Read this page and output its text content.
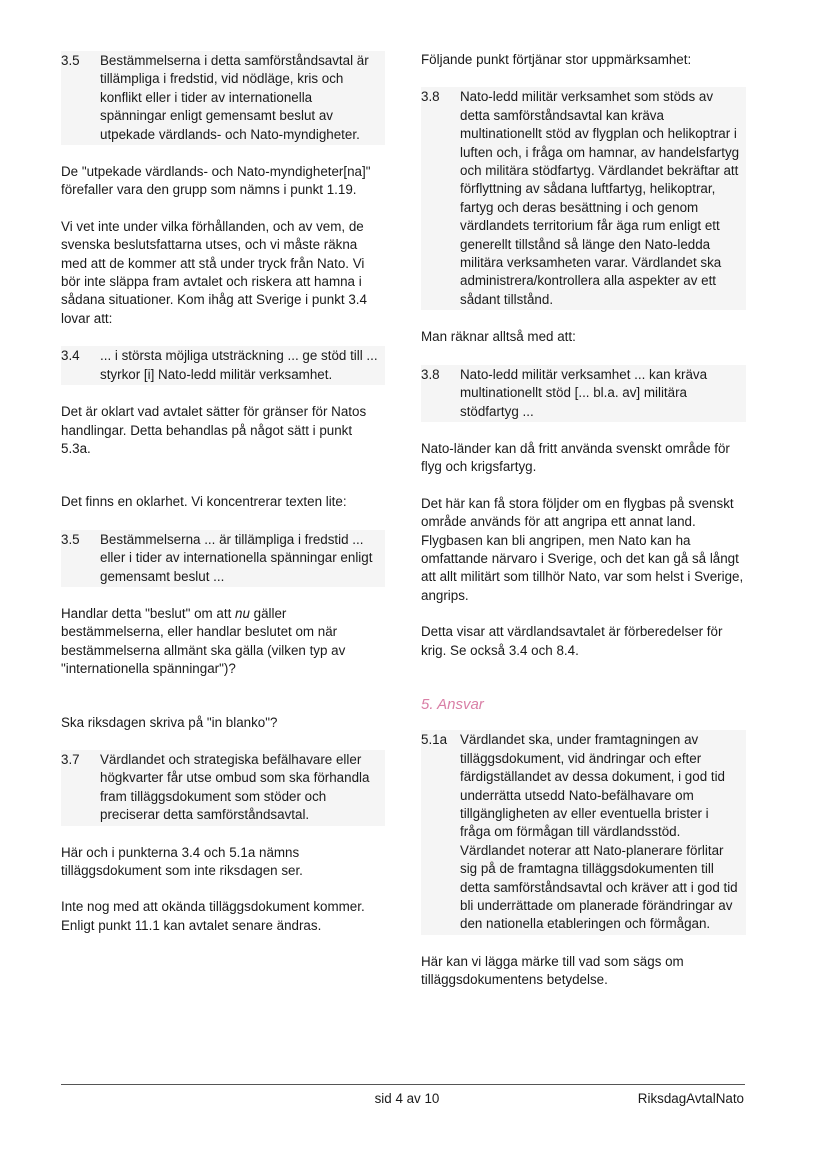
3.5	Bestämmelserna i detta samförståndsavtal är tillämpliga i fredstid, vid nödläge, kris och konflikt eller i tider av internationella spänningar enligt gemensamt beslut av utpekade värdlands- och Nato-myndigheter.

De "utpekade värdlands- och Nato-myndigheter[na]" förefaller vara den grupp som nämns i punkt 1.19.

Vi vet inte under vilka förhållanden, och av vem, de svenska beslutsfattarna utses, och vi måste räkna med att de kommer att stå under tryck från Nato. Vi bör inte släppa fram avtalet och riskera att hamna i sådana situationer. Kom ihåg att Sverige i punkt 3.4 lovar att:

3.4	... i största möjliga utsträckning ... ge stöd till ... styrkor [i] Nato-ledd militär verksamhet.

Det är oklart vad avtalet sätter för gränser för Natos handlingar. Detta behandlas på något sätt i punkt 5.3a.

Det finns en oklarhet. Vi koncentrerar texten lite:

3.5	Bestämmelserna ... är tillämpliga i fredstid ... eller i tider av internationella spänningar enligt gemensamt beslut ...

Handlar detta "beslut" om att nu gäller bestämmelserna, eller handlar beslutet om när bestämmelserna allmänt ska gälla (vilken typ av "internationella spänningar")?

Ska riksdagen skriva på "in blanko"?

3.7	Värdlandet och strategiska befälhavare eller högkvarter får utse ombud som ska förhandla fram tilläggsdokument som stöder och preciserar detta samförståndsavtal.

Här och i punkterna 3.4 och 5.1a nämns tilläggsdokument som inte riksdagen ser.

Inte nog med att okända tilläggsdokument kommer. Enligt punkt 11.1 kan avtalet senare ändras.

Följande punkt förtjänar stor uppmärksamhet:

3.8	Nato-ledd militär verksamhet som stöds av detta samförståndsavtal kan kräva multinationellt stöd av flygplan och helikoptrar i luften och, i fråga om hamnar, av handelsfartyg och militära stödfartyg. Värdlandet bekräftar att förflyttning av sådana luftfartyg, helikoptrar, fartyg och deras besättning i och genom värdlandets territorium får äga rum enligt ett generellt tillstånd så länge den Nato-ledda militära verksamheten varar. Värdlandet ska administrera/kontrollera alla aspekter av ett sådant tillstånd.

Man räknar alltså med att:

3.8	Nato-ledd militär verksamhet ... kan kräva multinationellt stöd [... bl.a. av] militära stödfartyg ...

Nato-länder kan då fritt använda svenskt område för flyg och krigsfartyg.

Det här kan få stora följder om en flygbas på svenskt område används för att angripa ett annat land. Flygbasen kan bli angripen, men Nato kan ha omfattande närvaro i Sverige, och det kan gå så långt att allt militärt som tillhör Nato, var som helst i Sverige, angrips.

Detta visar att värdlandsavtalet är förberedelser för krig. Se också 3.4 och 8.4.

5. Ansvar
5.1a Värdlandet ska, under framtagningen av tilläggsdokument, vid ändringar och efter färdigställandet av dessa dokument, i god tid underrätta utsedd Nato-befälhavare om tillgängligheten av eller eventuella brister i fråga om förmågan till värdlandsstöd. Värdlandet noterar att Nato-planerare förlitar sig på de framtagna tilläggsdokumenten till detta samförståndsavtal och kräver att i god tid bli underrättade om planerade förändringar av den nationella etableringen och förmågan.

Här kan vi lägga märke till vad som sägs om tilläggsdokumentens betydelse.

sid 4 av 10	RiksdagAvtalNato
